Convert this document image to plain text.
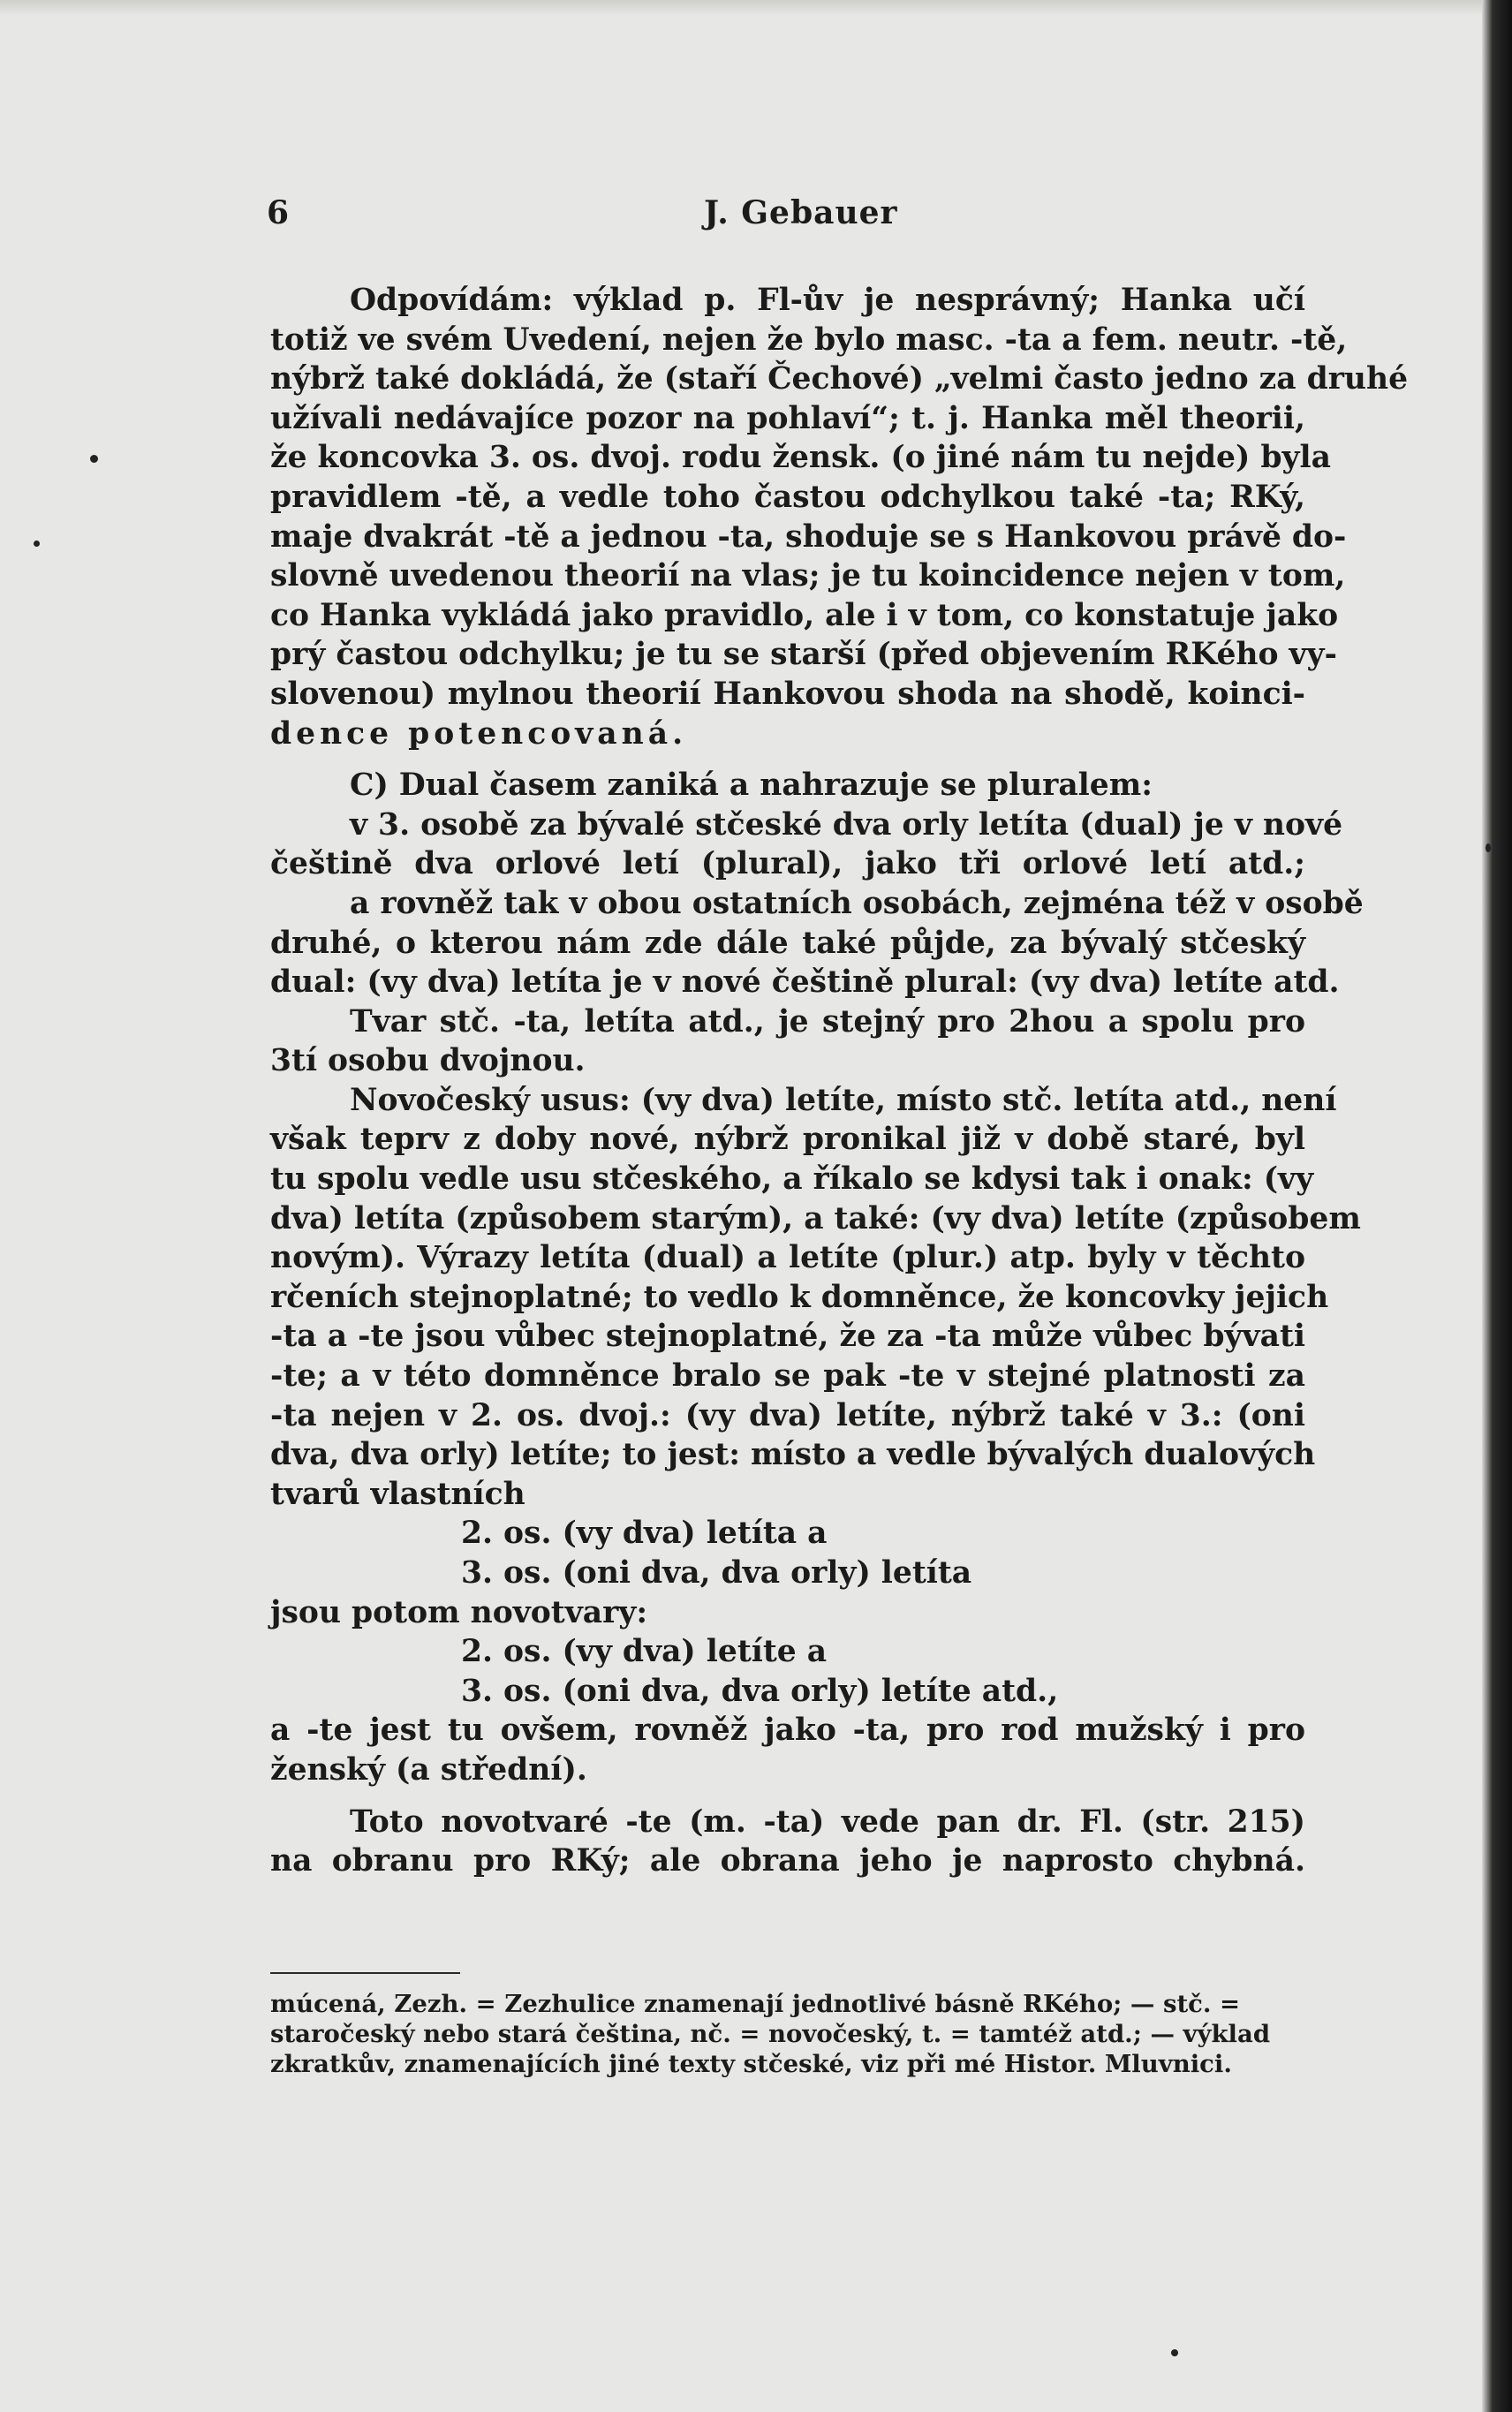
6	J. Gebauer
Odpovídám: výklad p. Fl-ův je nesprávný; Hanka učí
totiž ve svém Uvedení, nejen že bylo masc. -ta a fem. neutr. -tě,
nýbrž také dokládá, že (staří Čechové) „velmi často jedno za druhé
užívali nedávajíce pozor na pohlaví“; t. j. Hanka měl theorii,
že koncovka 3. os. dvoj. rodu žensk. (o jiné nám tu nejde) byla
pravidlem -tě, a vedle toho častou odchylkou také -ta; RKý,
maje dvakrát -tě a jednou -ta, shoduje se s Hankovou právě do-
slovně uvedenou theorií na vlas; je tu koincidence nejen v tom,
co Hanka vykládá jako pravidlo, ale i v tom, co konstatuje jako
prý častou odchylku; je tu se starší (před objevením RKého vy-
slovenou) mylnou theorií Hankovou shoda na shodě, koinci-
dence potencovaná.
C) Dual časem zaniká a nahrazuje se pluralem:
v 3. osobě za bývalé stčeské dva orly letíta (dual) je v nové
češtině dva orlové letí (plural), jako tři orlové letí atd.;
a rovněž tak v obou ostatních osobách, zejména též v osobě
druhé, o kterou nám zde dále také půjde, za bývalý stčeský
dual: (vy dva) letíta je v nové češtině plural: (vy dva) letíte atd.
Tvar stč. -ta, letíta atd., je stejný pro 2hou a spolu pro
3tí osobu dvojnou.
Novočeský usus: (vy dva) letíte, místo stč. letíta atd., není
však teprv z doby nové, nýbrž pronikal již v době staré, byl
tu spolu vedle usu stčeského, a říkalo se kdysi tak i onak: (vy
dva) letíta (způsobem starým), a také: (vy dva) letíte (způsobem
novým). Výrazy letíta (dual) a letíte (plur.) atp. byly v těchto
rčeních stejnoplatné; to vedlo k domněnce, že koncovky jejich
-ta a -te jsou vůbec stejnoplatné, že za -ta může vůbec bývati
-te; a v této domněnce bralo se pak -te v stejné platnosti za
-ta nejen v 2. os. dvoj.: (vy dva) letíte, nýbrž také v 3.: (oni
dva, dva orly) letíte; to jest: místo a vedle bývalých dualových
tvarů vlastních
2. os. (vy dva) letíta a
3. os. (oni dva, dva orly) letíta
jsou potom novotvary:
2. os. (vy dva) letíte a
3. os. (oni dva, dva orly) letíte atd.,
a -te jest tu ovšem, rovněž jako -ta, pro rod mužský i pro
ženský (a střední).
Toto novotvaré -te (m. -ta) vede pan dr. Fl. (str. 215)
na obranu pro RKý; ale obrana jeho je naprosto chybná.
múcená, Zezh. = Zezhulice znamenají jednotlivé básně RKého; — stč. = staročeský nebo stará čeština, nč. = novočeský, t. = tamtéž atd.; — výklad zkratkův, znamenajících jiné texty stčeské, viz při mé Histor. Mluvnici.
